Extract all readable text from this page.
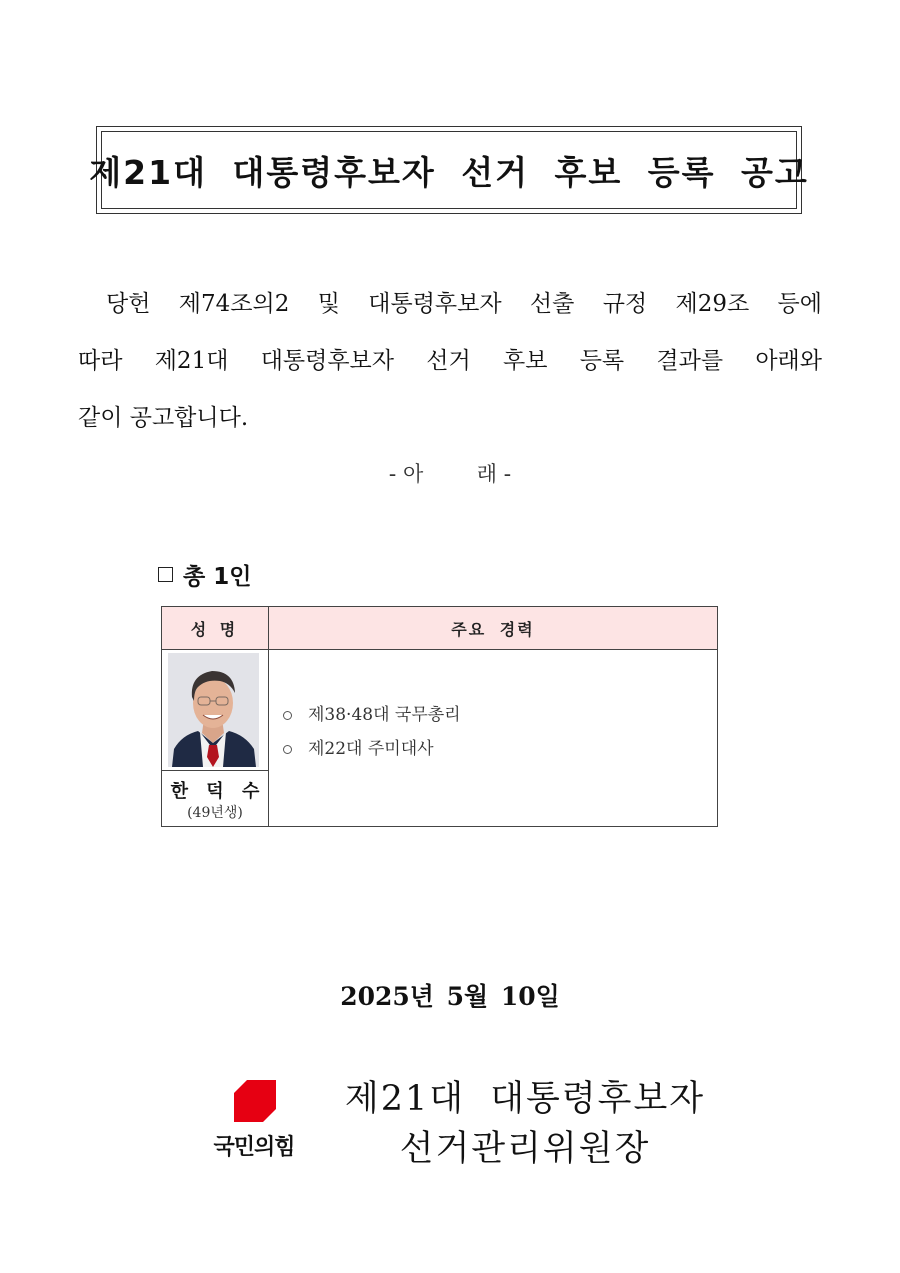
제21대 대통령후보자 선거 후보 등록 공고
당헌 제74조의2 및 대통령후보자 선출 규정 제29조 등에
따라 제21대 대통령후보자 선거 후보 등록 결과를 아래와
같이 공고합니다.
- 아        래 -
총 1인
성 명	주요 경력
한 덕 수
(49년생)
제38·48대 국무총리
제22대 주미대사
2025년 5월 10일
국민의힘
제21대 대통령후보자
선거관리위원장
